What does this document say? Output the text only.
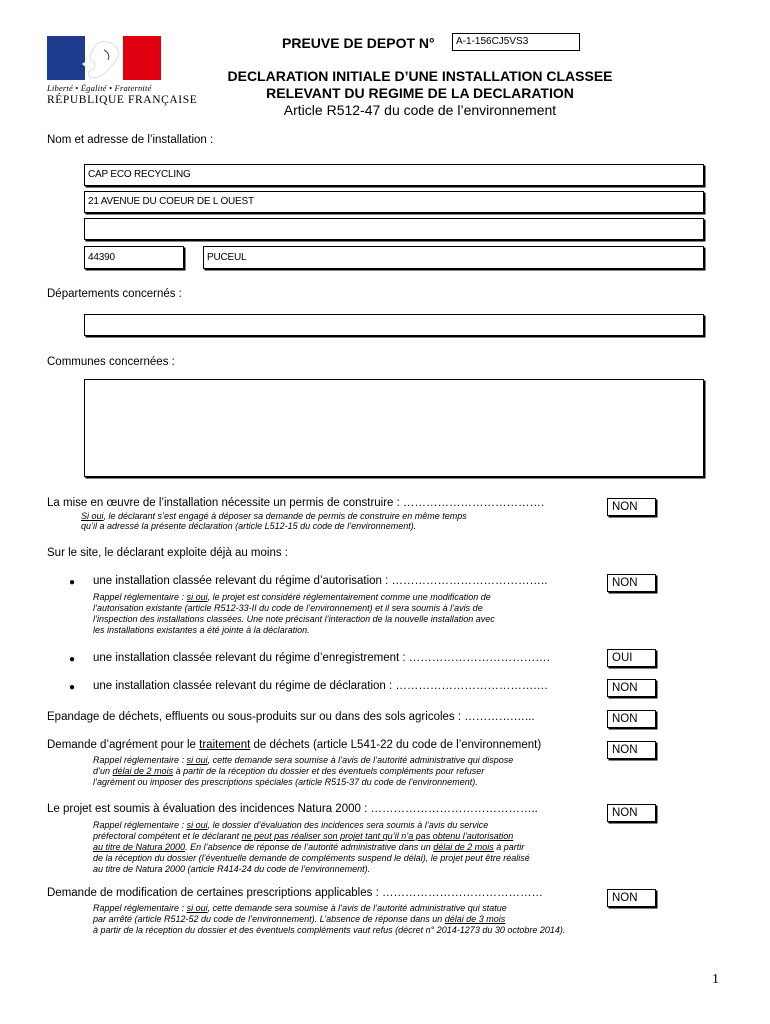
Liberté • Égalité • Fraternité
RÉPUBLIQUE FRANÇAISE
PREUVE DE DEPOT N°	A-1-156CJ5VS3
DECLARATION INITIALE D’UNE INSTALLATION CLASSEE
RELEVANT DU REGIME DE LA DECLARATION
Article R512-47 du code de l’environnement
Nom et adresse de l’installation :
CAP ECO RECYCLING
21 AVENUE DU COEUR DE L OUEST
44390	PUCEUL
Départements concernés :
Communes concernées :
La mise en œuvre de l’installation nécessite un permis de construire : ……………………………….	NON
Si oui, le déclarant s’est engagé à déposer sa demande de permis de construire en même temps
qu’il a adressé la présente déclaration (article L512-15 du code de l’environnement).
Sur le site, le déclarant exploite déjà au moins :
● une installation classée relevant du régime d’autorisation : …………………………………..	NON
Rappel réglementaire : si oui, le projet est considéré réglementairement comme une modification de
l’autorisation existante (article R512-33-II du code de l’environnement) et il sera soumis à l’avis de
l’inspection des installations classées. Une note précisant l’interaction de la nouvelle installation avec
les installations existantes a été jointe à la déclaration.
● une installation classée relevant du régime d’enregistrement : ……………………………….	OUI
● une installation classée relevant du régime de déclaration : ……………………………….…	NON
Epandage de déchets, effluents ou sous-produits sur ou dans des sols agricoles : ………….…...	NON
Demande d’agrément pour le traitement de déchets (article L541-22 du code de l’environnement)	NON
Rappel réglementaire : si oui, cette demande sera soumise à l’avis de l’autorité administrative qui dispose
d’un délai de 2 mois à partir de la réception du dossier et des éventuels compléments pour refuser
l’agrément ou imposer des prescriptions spéciales (article R515-37 du code de l’environnement).
Le projet est soumis à évaluation des incidences Natura 2000 : ……………………………………..	NON
Rappel réglementaire : si oui, le dossier d’évaluation des incidences sera soumis à l’avis du service
préfectoral compétent et le déclarant ne peut pas réaliser son projet tant qu’il n’a pas obtenu l’autorisation
au titre de Natura 2000. En l’absence de réponse de l’autorité administrative dans un délai de 2 mois à partir
de la réception du dossier (l’éventuelle demande de compléments suspend le délai), le projet peut être réalisé
au titre de Natura 2000 (article R414-24 du code de l’environnement).
Demande de modification de certaines prescriptions applicables : ……………………………………	NON
Rappel réglementaire : si oui, cette demande sera soumise à l’avis de l’autorité administrative qui statue
par arrêté (article R512-52 du code de l’environnement). L’absence de réponse dans un délai de 3 mois
à partir de la réception du dossier et des éventuels compléments vaut refus (décret n° 2014-1273 du 30 octobre 2014).
1
